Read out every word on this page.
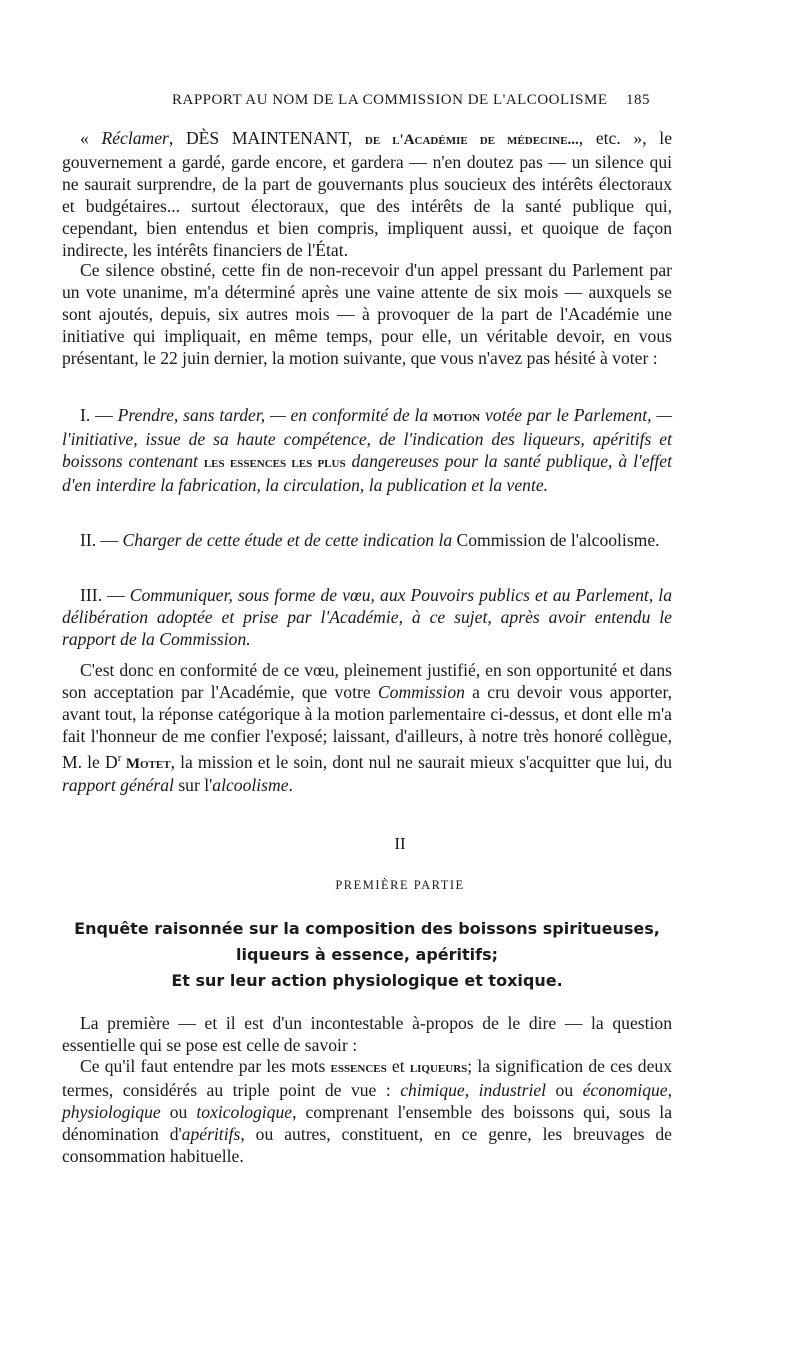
RAPPORT AU NOM DE LA COMMISSION DE L'ALCOOLISME 185

« Réclamer, DÈS MAINTENANT, de l'Académie de médecine..., etc. », le gouvernement a gardé, garde encore, et gardera — n'en doutez pas — un silence qui ne saurait surprendre, de la part de gouvernants plus soucieux des intérêts électoraux et budgétaires... surtout électoraux, que des intérêts de la santé publique qui, cependant, bien entendus et bien compris, impliquent aussi, et quoique de façon indirecte, les intérêts financiers de l'État.

Ce silence obstiné, cette fin de non-recevoir d'un appel pressant du Parlement par un vote unanime, m'a déterminé après une vaine attente de six mois — auxquels se sont ajoutés, depuis, six autres mois — à provoquer de la part de l'Académie une initiative qui impliquait, en même temps, pour elle, un véritable devoir, en vous présentant, le 22 juin dernier, la motion suivante, que vous n'avez pas hésité à voter :

I. — Prendre, sans tarder, — en conformité de la motion votée par le Parlement, — l'initiative, issue de sa haute compétence, de l'indication des liqueurs, apéritifs et boissons contenant les essences les plus dangereuses pour la santé publique, à l'effet d'en interdire la fabrication, la circulation, la publication et la vente.

II. — Charger de cette étude et de cette indication la Commission de l'alcoolisme.

III. — Communiquer, sous forme de vœu, aux Pouvoirs publics et au Parlement, la délibération adoptée et prise par l'Académie, à ce sujet, après avoir entendu le rapport de la Commission.

C'est donc en conformité de ce vœu, pleinement justifié, en son opportunité et dans son acceptation par l'Académie, que votre Commission a cru devoir vous apporter, avant tout, la réponse catégorique à la motion parlementaire ci-dessus, et dont elle m'a fait l'honneur de me confier l'exposé; laissant, d'ailleurs, à notre très honoré collègue, M. le $D^r$ Motet, la mission et le soin, dont nul ne saurait mieux s'acquitter que lui, du rapport général sur l'alcoolisme.

II
PREMIÈRE PARTIE
Enquête raisonnée sur la composition des boissons spiritueuses,
liqueurs à essence, apéritifs;
Et sur leur action physiologique et toxique.

La première — et il est d'un incontestable à-propos de le dire — la question essentielle qui se pose est celle de savoir :

Ce qu'il faut entendre par les mots essences et liqueurs; la signification de ces deux termes, considérés au triple point de vue : chimique, industriel ou économique, physiologique ou toxicologique, comprenant l'ensemble des boissons qui, sous la dénomination d'apéritifs, ou autres, constituent, en ce genre, les breuvages de consommation habituelle.
